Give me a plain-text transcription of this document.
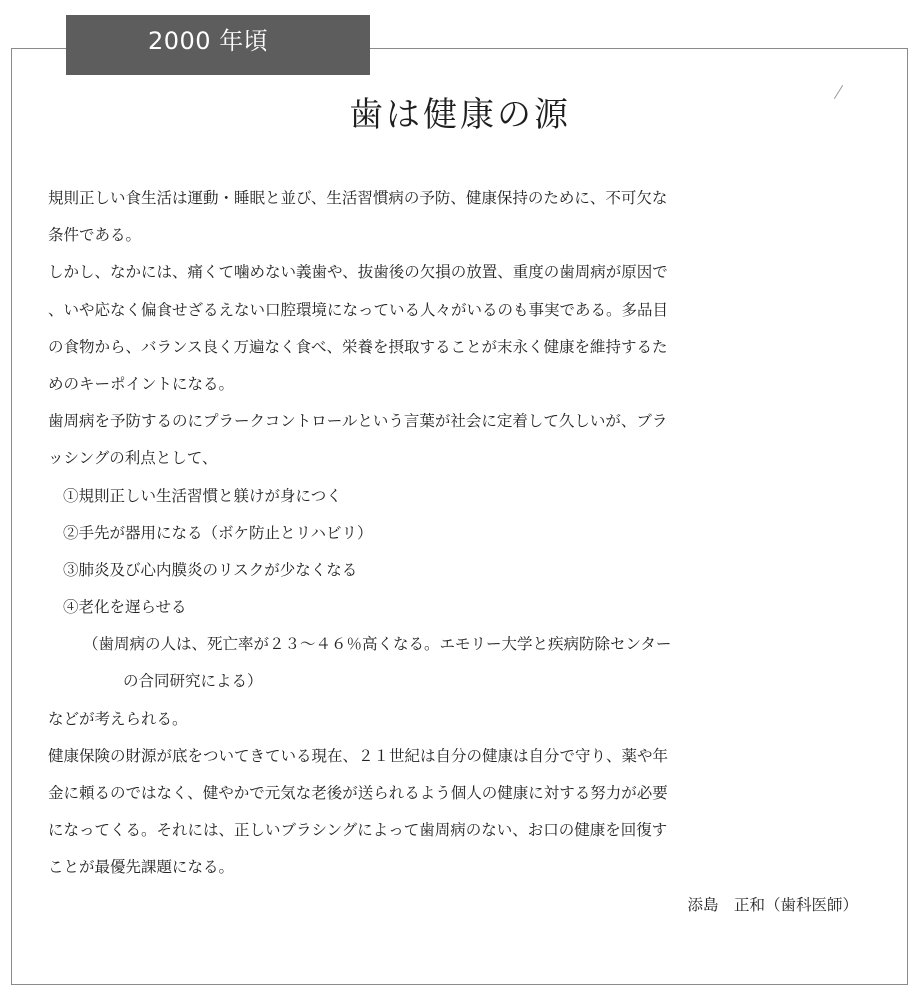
2000 年頃
歯は健康の源
規則正しい食生活は運動・睡眠と並び、生活習慣病の予防、健康保持のために、不可欠な
条件である。
しかし、なかには、痛くて噛めない義歯や、抜歯後の欠損の放置、重度の歯周病が原因で
、いや応なく偏食せざるえない口腔環境になっている人々がいるのも事実である。多品目
の食物から、バランス良く万遍なく食べ、栄養を摂取することが末永く健康を維持するた
めのキーポイントになる。
歯周病を予防するのにプラークコントロールという言葉が社会に定着して久しいが、ブラ
ッシングの利点として、
①規則正しい生活習慣と躾けが身につく
②手先が器用になる（ボケ防止とリハビリ）
③肺炎及び心内膜炎のリスクが少なくなる
④老化を遅らせる
（歯周病の人は、死亡率が２３～４６％高くなる。エモリー大学と疾病防除センター
の合同研究による）
などが考えられる。
健康保険の財源が底をついてきている現在、２１世紀は自分の健康は自分で守り、薬や年
金に頼るのではなく、健やかで元気な老後が送られるよう個人の健康に対する努力が必要
になってくる。それには、正しいブラシングによって歯周病のない、お口の健康を回復す
ことが最優先課題になる。
添島　正和（歯科医師）
